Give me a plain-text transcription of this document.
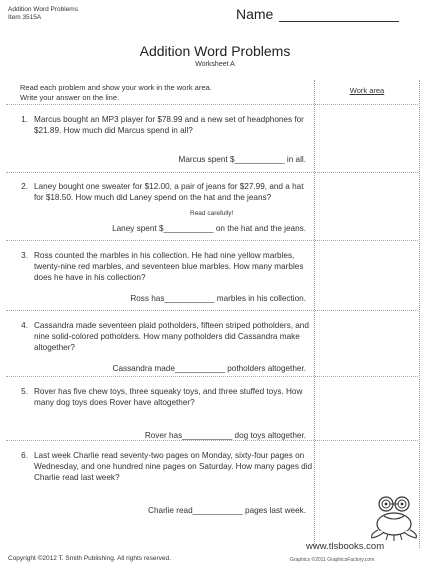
Addition Word Problems
Item 3515A	Name
Addition Word Problems
Worksheet A
Read each problem and show your work in the work area.
Write your answer on the line.
Work area
1. Marcus bought an MP3 player for $78.99 and a new set of headphones for $21.89. How much did Marcus spend in all?
Marcus spent $___________ in all.
2. Laney bought one sweater for $12.00, a pair of jeans for $27.99, and a hat for $18.50. How much did Laney spend on the hat and the jeans?
Read carefully!
Laney spent $___________ on the hat and the jeans.
3. Ross counted the marbles in his collection. He had nine yellow marbles, twenty-nine red marbles, and seventeen blue marbles. How many marbles does he have in his collection?
Ross has___________ marbles in his collection.
4. Cassandra made seventeen plaid potholders, fifteen striped potholders, and nine solid-colored potholders. How many potholders did Cassandra make altogether?
Cassandra made___________ potholders altogether.
5. Rover has five chew toys, three squeaky toys, and three stuffed toys. How many dog toys does Rover have altogether?
Rover has___________ dog toys altogether.
6. Last week Charlie read seventy-two pages on Monday, sixty-four pages on Wednesday, and one hundred nine pages on Saturday. How many pages did Charlie read last week?
Charlie read___________ pages last week.
www.tlsbooks.com
Copyright ©2012 T. Smith Publishing. All rights reserved.	Graphics ©2011 GraphicsFactory.com
